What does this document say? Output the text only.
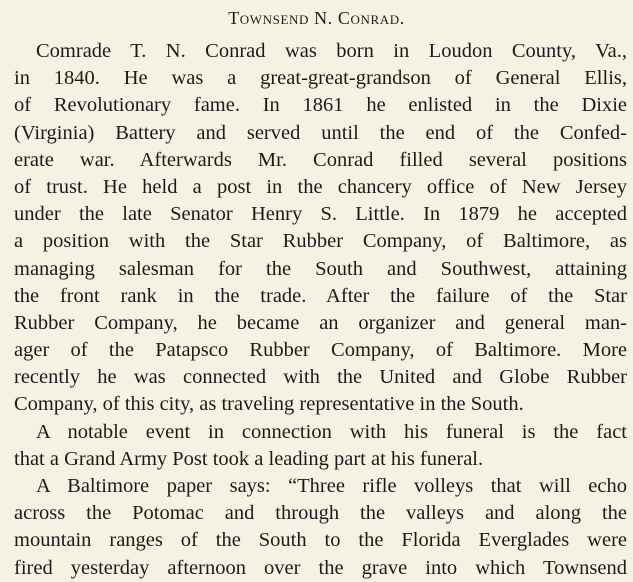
Townsend N. Conrad.
Comrade T. N. Conrad was born in Loudon County, Va.,
in 1840. He was a great-great-grandson of General Ellis,
of Revolutionary fame. In 1861 he enlisted in the Dixie
(Virginia) Battery and served until the end of the Confed-
erate war. Afterwards Mr. Conrad filled several positions
of trust. He held a post in the chancery office of New Jersey
under the late Senator Henry S. Little. In 1879 he accepted
a position with the Star Rubber Company, of Baltimore, as
managing salesman for the South and Southwest, attaining
the front rank in the trade. After the failure of the Star
Rubber Company, he became an organizer and general man-
ager of the Patapsco Rubber Company, of Baltimore. More
recently he was connected with the United and Globe Rubber
Company, of this city, as traveling representative in the South.
A notable event in connection with his funeral is the fact
that a Grand Army Post took a leading part at his funeral.
A Baltimore paper says: “Three rifle volleys that will echo
across the Potomac and through the valleys and along the
mountain ranges of the South to the Florida Everglades were
fired yesterday afternoon over the grave into which Townsend
